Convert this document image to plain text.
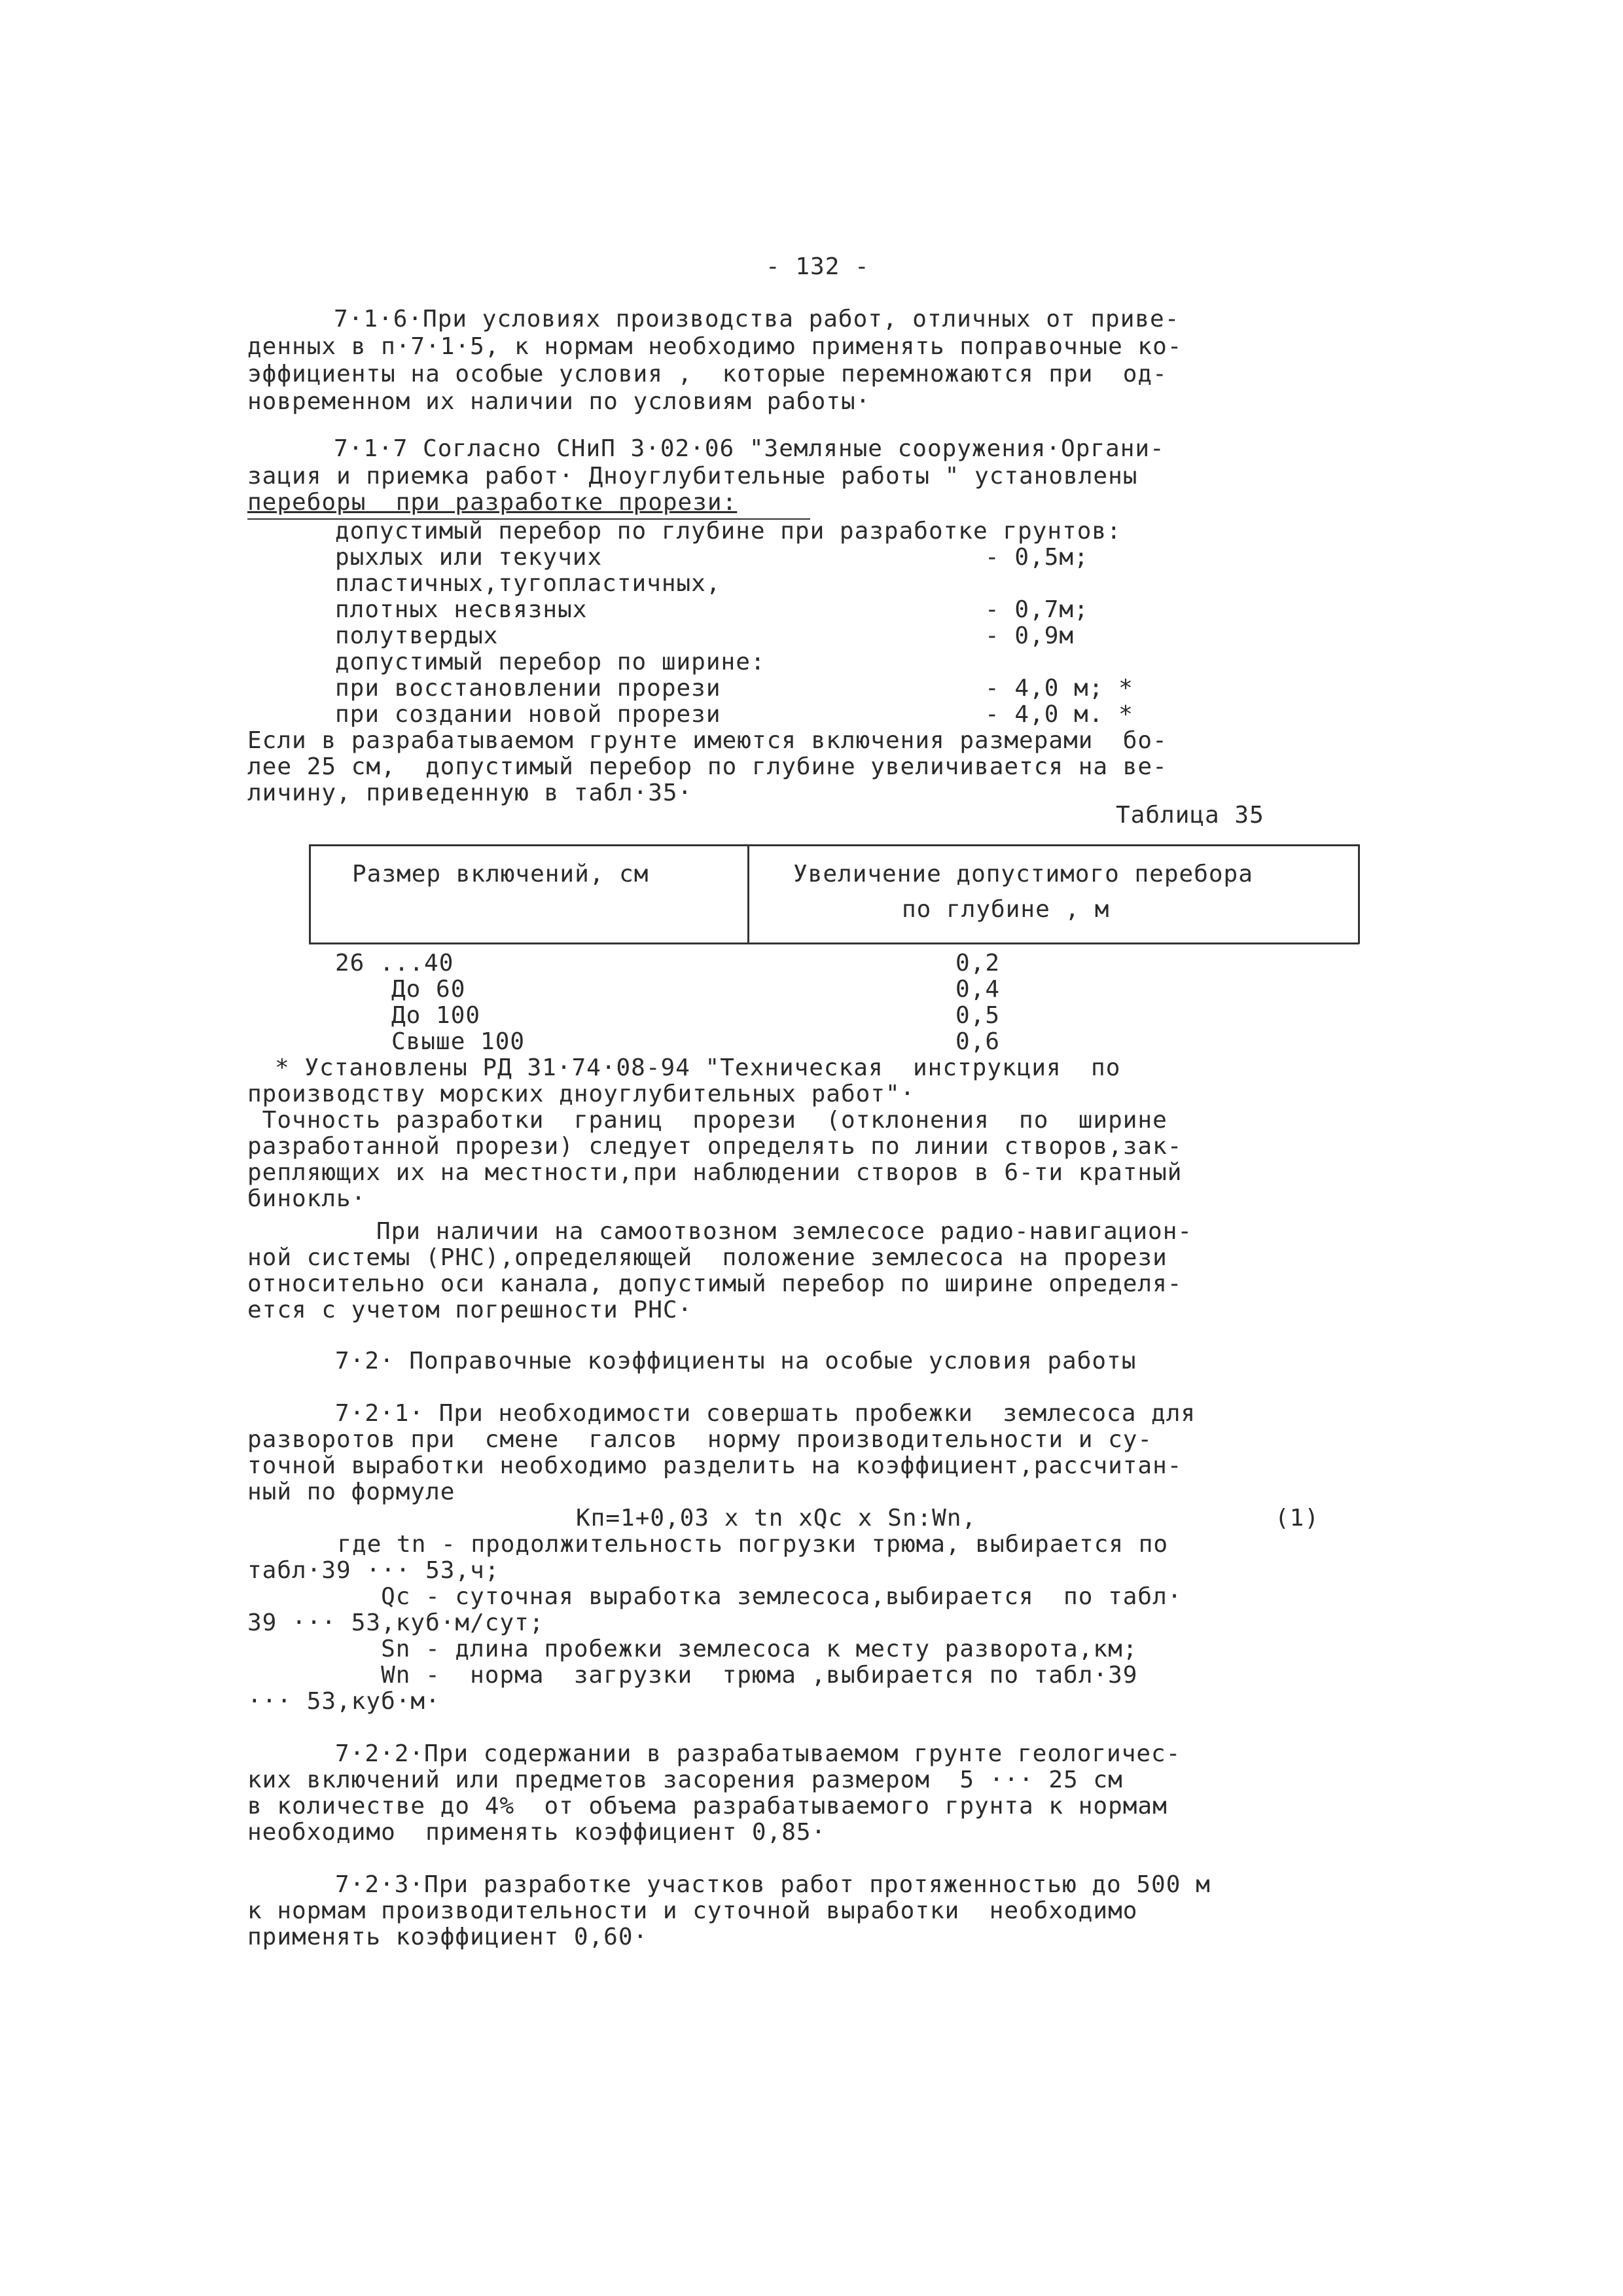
- 132 -
7·1·6·При условиях производства работ, отличных от приве-
денных в п·7·1·5, к нормам необходимо применять поправочные ко-
эффициенты на особые условия ,  которые перемножаются при  од-
новременном их наличии по условиям работы·
7·1·7 Согласно СНиП 3·02·06 "Земляные сооружения·Органи-
зация и приемка работ· Дноуглубительные работы " установлены
переборы  при разработке прорези:
допустимый перебор по глубине при разработке грунтов:
рыхлых или текучих	- 0,5м;
пластичных,тугопластичных,
плотных несвязных	- 0,7м;
полутвердых	- 0,9м
допустимый перебор по ширине:
при восстановлении прорези	- 4,0 м; *
при создании новой прорези	- 4,0 м. *
Если в разрабатываемом грунте имеются включения размерами  бо-
лее 25 см,  допустимый перебор по глубине увеличивается на ве-
личину, приведенную в табл·35·
Таблица 35
Размер включений, см	Увеличение допустимого перебора
по глубине , м
26 ...40	0,2
До 60	0,4
До 100	0,5
Свыше 100	0,6
* Установлены РД 31·74·08-94 "Техническая  инструкция  по
производству морских дноуглубительных работ"·
Точность разработки  границ  прорези  (отклонения  по  ширине
разработанной прорези) следует определять по линии створов,зак-
репляющих их на местности,при наблюдении створов в 6-ти кратный
бинокль·
При наличии на самоотвозном землесосе радио-навигацион-
ной системы (РНС),определяющей  положение землесоса на прорези
относительно оси канала, допустимый перебор по ширине определя-
ется с учетом погрешности РНС·
7·2· Поправочные коэффициенты на особые условия работы
7·2·1· При необходимости совершать пробежки  землесоса для
разворотов при  смене  галсов  норму производительности и су-
точной выработки необходимо разделить на коэффициент,рассчитан-
ный по формуле
Кп=1+0,03 х tn хQc х Sn:Wn,	(1)
где tn - продолжительность погрузки трюма, выбирается по
табл·39 ··· 53,ч;
Qc - суточная выработка землесоса,выбирается  по табл·
39 ··· 53,куб·м/сут;
Sn - длина пробежки землесоса к месту разворота,км;
Wn -  норма  загрузки  трюма ,выбирается по табл·39
··· 53,куб·м·
7·2·2·При содержании в разрабатываемом грунте геологичес-
ких включений или предметов засорения размером  5 ··· 25 см
в количестве до 4%  от объема разрабатываемого грунта к нормам
необходимо  применять коэффициент 0,85·
7·2·3·При разработке участков работ протяженностью до 500 м
к нормам производительности и суточной выработки  необходимо
применять коэффициент 0,60·
